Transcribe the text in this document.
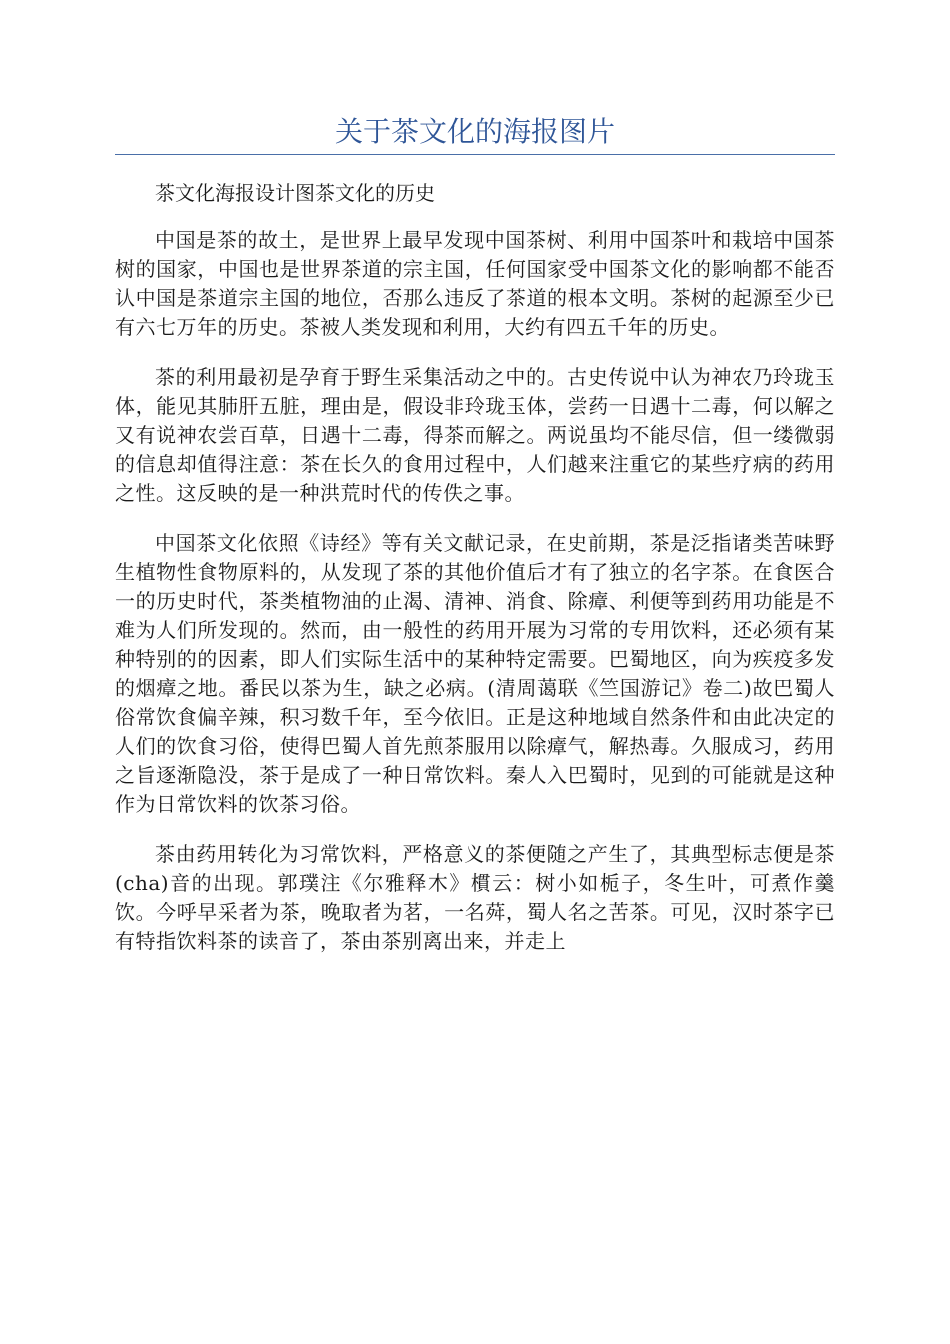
关于茶文化的海报图片

茶文化海报设计图茶文化的历史

中国是茶的故土，是世界上最早发现中国茶树、利用中国茶叶和栽培中国茶树的国家，中国也是世界茶道的宗主国，任何国家受中国茶文化的影响都不能否认中国是茶道宗主国的地位，否那么违反了茶道的根本文明。茶树的起源至少已有六七万年的历史。茶被人类发现和利用，大约有四五千年的历史。

茶的利用最初是孕育于野生采集活动之中的。古史传说中认为神农乃玲珑玉体，能见其肺肝五脏，理由是，假设非玲珑玉体，尝药一日遇十二毒，何以解之又有说神农尝百草，日遇十二毒，得茶而解之。两说虽均不能尽信，但一缕微弱的信息却值得注意：茶在长久的食用过程中，人们越来注重它的某些疗病的药用之性。这反映的是一种洪荒时代的传佚之事。

中国茶文化依照《诗经》等有关文献记录，在史前期，茶是泛指诸类苦味野生植物性食物原料的，从发现了茶的其他价值后才有了独立的名字茶。在食医合一的历史时代，茶类植物油的止渴、清神、消食、除瘴、利便等到药用功能是不难为人们所发现的。然而，由一般性的药用开展为习常的专用饮料，还必须有某种特别的的因素，即人们实际生活中的某种特定需要。巴蜀地区，向为疾疫多发的烟瘴之地。番民以茶为生，缺之必病。(清周蔼联《竺国游记》卷二)故巴蜀人俗常饮食偏辛辣，积习数千年，至今依旧。正是这种地域自然条件和由此决定的人们的饮食习俗，使得巴蜀人首先煎茶服用以除瘴气，解热毒。久服成习，药用之旨逐渐隐没，茶于是成了一种日常饮料。秦人入巴蜀时，见到的可能就是这种作为日常饮料的饮茶习俗。

茶由药用转化为习常饮料，严格意义的茶便随之产生了，其典型标志便是茶(cha)音的出现。郭璞注《尔雅释木》樌云：树小如栀子，冬生叶，可煮作羹饮。今呼早采者为茶，晚取者为茗，一名荈，蜀人名之苦茶。可见，汉时茶字已有特指饮料茶的读音了，茶由茶别离出来，并走上
